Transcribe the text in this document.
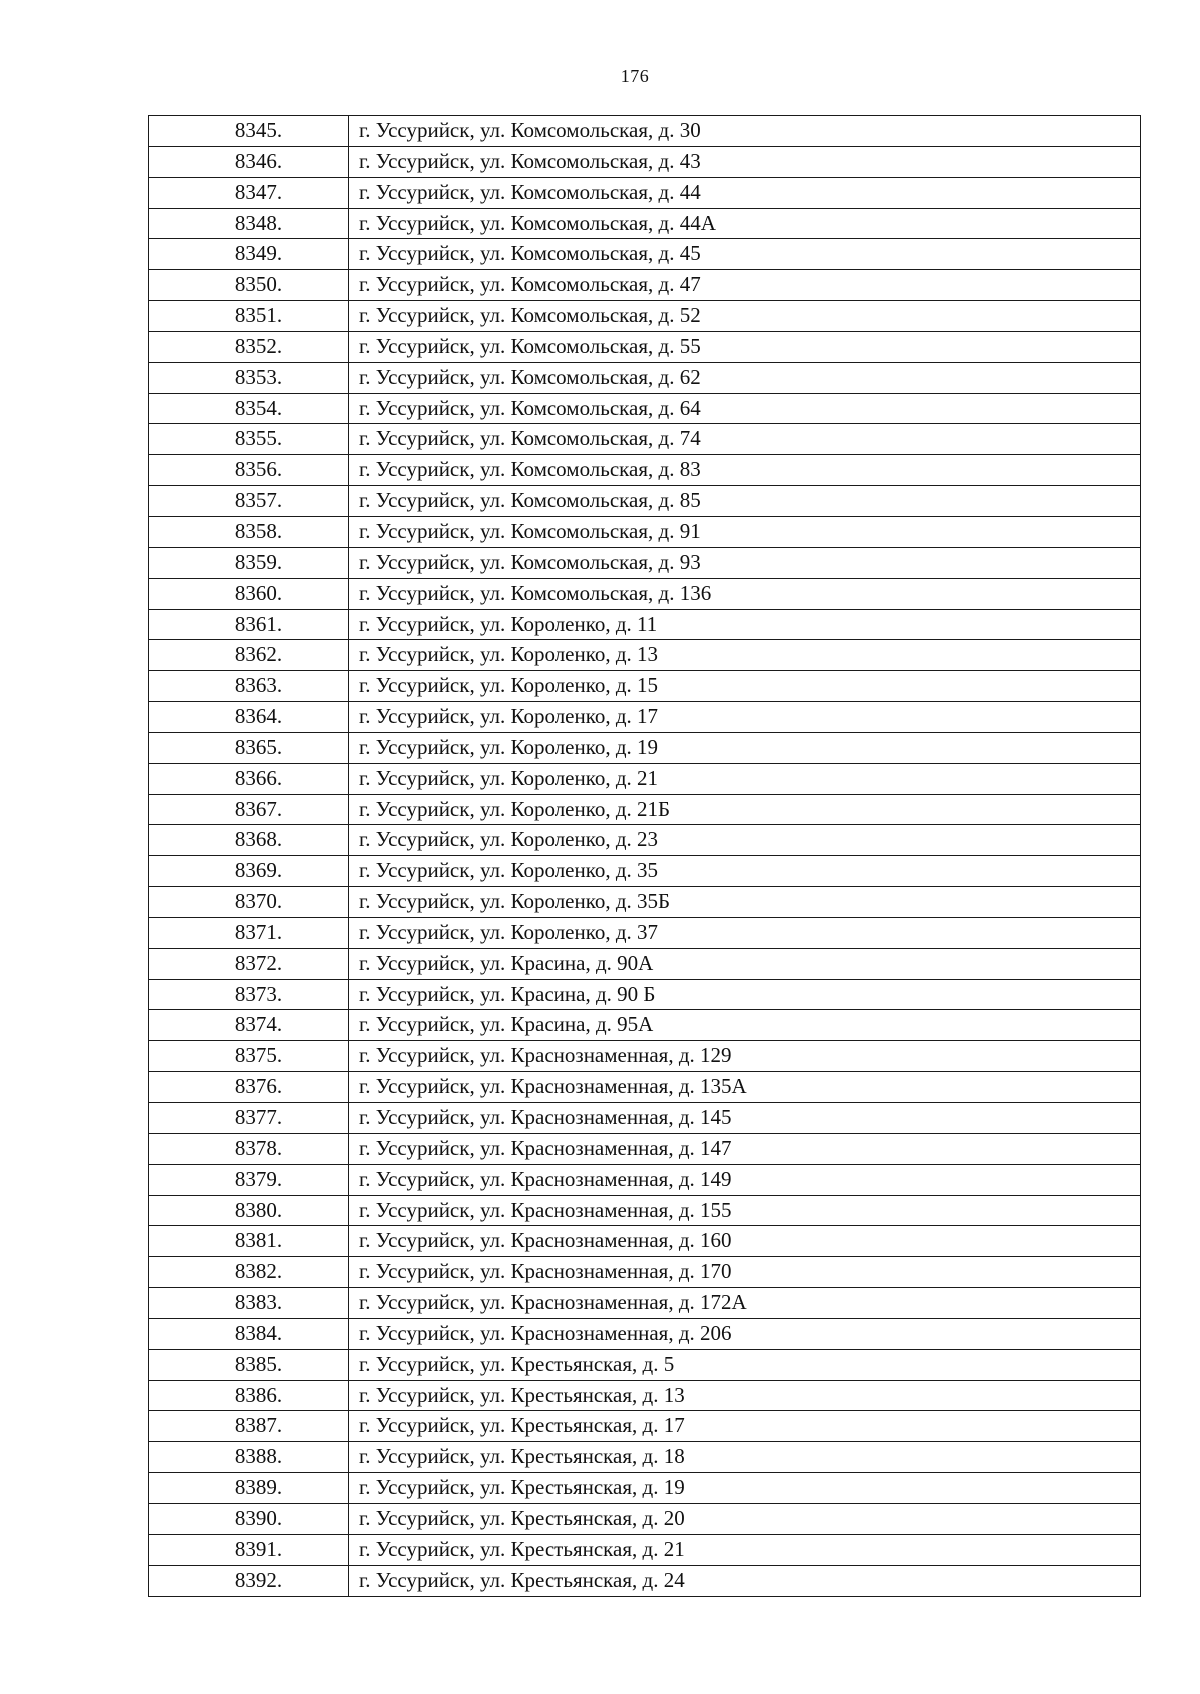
176
8345.	г. Уссурийск, ул. Комсомольская, д. 30
8346.	г. Уссурийск, ул. Комсомольская, д. 43
8347.	г. Уссурийск, ул. Комсомольская, д. 44
8348.	г. Уссурийск, ул. Комсомольская, д. 44А
8349.	г. Уссурийск, ул. Комсомольская, д. 45
8350.	г. Уссурийск, ул. Комсомольская, д. 47
8351.	г. Уссурийск, ул. Комсомольская, д. 52
8352.	г. Уссурийск, ул. Комсомольская, д. 55
8353.	г. Уссурийск, ул. Комсомольская, д. 62
8354.	г. Уссурийск, ул. Комсомольская, д. 64
8355.	г. Уссурийск, ул. Комсомольская, д. 74
8356.	г. Уссурийск, ул. Комсомольская, д. 83
8357.	г. Уссурийск, ул. Комсомольская, д. 85
8358.	г. Уссурийск, ул. Комсомольская, д. 91
8359.	г. Уссурийск, ул. Комсомольская, д. 93
8360.	г. Уссурийск, ул. Комсомольская, д. 136
8361.	г. Уссурийск, ул. Короленко, д. 11
8362.	г. Уссурийск, ул. Короленко, д. 13
8363.	г. Уссурийск, ул. Короленко, д. 15
8364.	г. Уссурийск, ул. Короленко, д. 17
8365.	г. Уссурийск, ул. Короленко, д. 19
8366.	г. Уссурийск, ул. Короленко, д. 21
8367.	г. Уссурийск, ул. Короленко, д. 21Б
8368.	г. Уссурийск, ул. Короленко, д. 23
8369.	г. Уссурийск, ул. Короленко, д. 35
8370.	г. Уссурийск, ул. Короленко, д. 35Б
8371.	г. Уссурийск, ул. Короленко, д. 37
8372.	г. Уссурийск, ул. Красина, д. 90А
8373.	г. Уссурийск, ул. Красина, д. 90 Б
8374.	г. Уссурийск, ул. Красина, д. 95А
8375.	г. Уссурийск, ул. Краснознаменная, д. 129
8376.	г. Уссурийск, ул. Краснознаменная, д. 135А
8377.	г. Уссурийск, ул. Краснознаменная, д. 145
8378.	г. Уссурийск, ул. Краснознаменная, д. 147
8379.	г. Уссурийск, ул. Краснознаменная, д. 149
8380.	г. Уссурийск, ул. Краснознаменная, д. 155
8381.	г. Уссурийск, ул. Краснознаменная, д. 160
8382.	г. Уссурийск, ул. Краснознаменная, д. 170
8383.	г. Уссурийск, ул. Краснознаменная, д. 172А
8384.	г. Уссурийск, ул. Краснознаменная, д. 206
8385.	г. Уссурийск, ул. Крестьянская, д. 5
8386.	г. Уссурийск, ул. Крестьянская, д. 13
8387.	г. Уссурийск, ул. Крестьянская, д. 17
8388.	г. Уссурийск, ул. Крестьянская, д. 18
8389.	г. Уссурийск, ул. Крестьянская, д. 19
8390.	г. Уссурийск, ул. Крестьянская, д. 20
8391.	г. Уссурийск, ул. Крестьянская, д. 21
8392.	г. Уссурийск, ул. Крестьянская, д. 24
